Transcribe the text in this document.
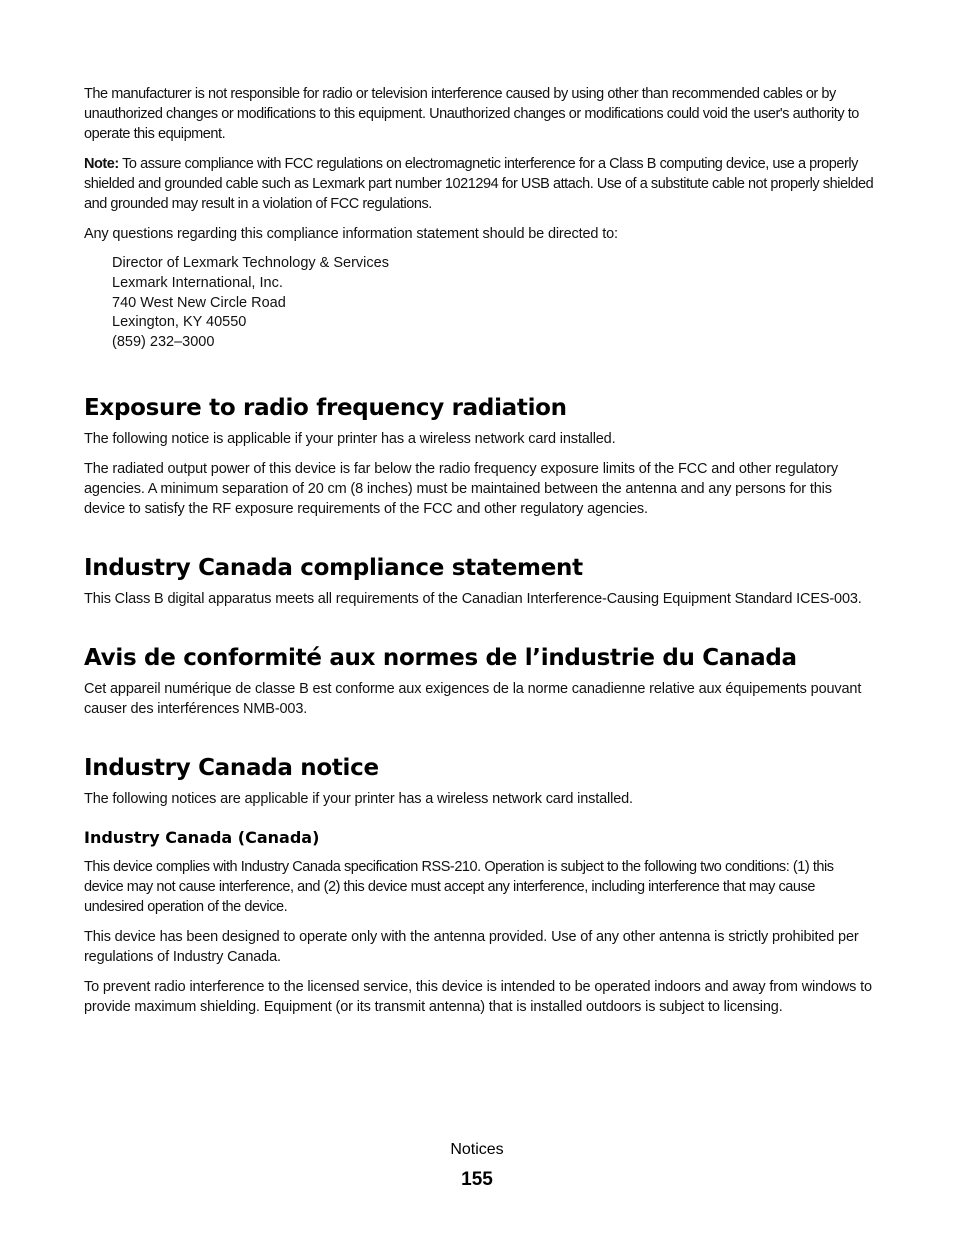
The manufacturer is not responsible for radio or television interference caused by using other than recommended cables or by unauthorized changes or modifications to this equipment. Unauthorized changes or modifications could void the user's authority to operate this equipment.

Note: To assure compliance with FCC regulations on electromagnetic interference for a Class B computing device, use a properly shielded and grounded cable such as Lexmark part number 1021294 for USB attach. Use of a substitute cable not properly shielded and grounded may result in a violation of FCC regulations.

Any questions regarding this compliance information statement should be directed to:

Director of Lexmark Technology & Services
Lexmark International, Inc.
740 West New Circle Road
Lexington, KY 40550
(859) 232–3000
Exposure to radio frequency radiation

The following notice is applicable if your printer has a wireless network card installed.

The radiated output power of this device is far below the radio frequency exposure limits of the FCC and other regulatory agencies. A minimum separation of 20 cm (8 inches) must be maintained between the antenna and any persons for this device to satisfy the RF exposure requirements of the FCC and other regulatory agencies.

Industry Canada compliance statement

This Class B digital apparatus meets all requirements of the Canadian Interference-Causing Equipment Standard ICES-003.

Avis de conformité aux normes de l’industrie du Canada

Cet appareil numérique de classe B est conforme aux exigences de la norme canadienne relative aux équipements pouvant causer des interférences NMB-003.

Industry Canada notice

The following notices are applicable if your printer has a wireless network card installed.

Industry Canada (Canada)

This device complies with Industry Canada specification RSS-210. Operation is subject to the following two conditions: (1) this device may not cause interference, and (2) this device must accept any interference, including interference that may cause undesired operation of the device.

This device has been designed to operate only with the antenna provided. Use of any other antenna is strictly prohibited per regulations of Industry Canada.

To prevent radio interference to the licensed service, this device is intended to be operated indoors and away from windows to provide maximum shielding. Equipment (or its transmit antenna) that is installed outdoors is subject to licensing.

Notices
155
